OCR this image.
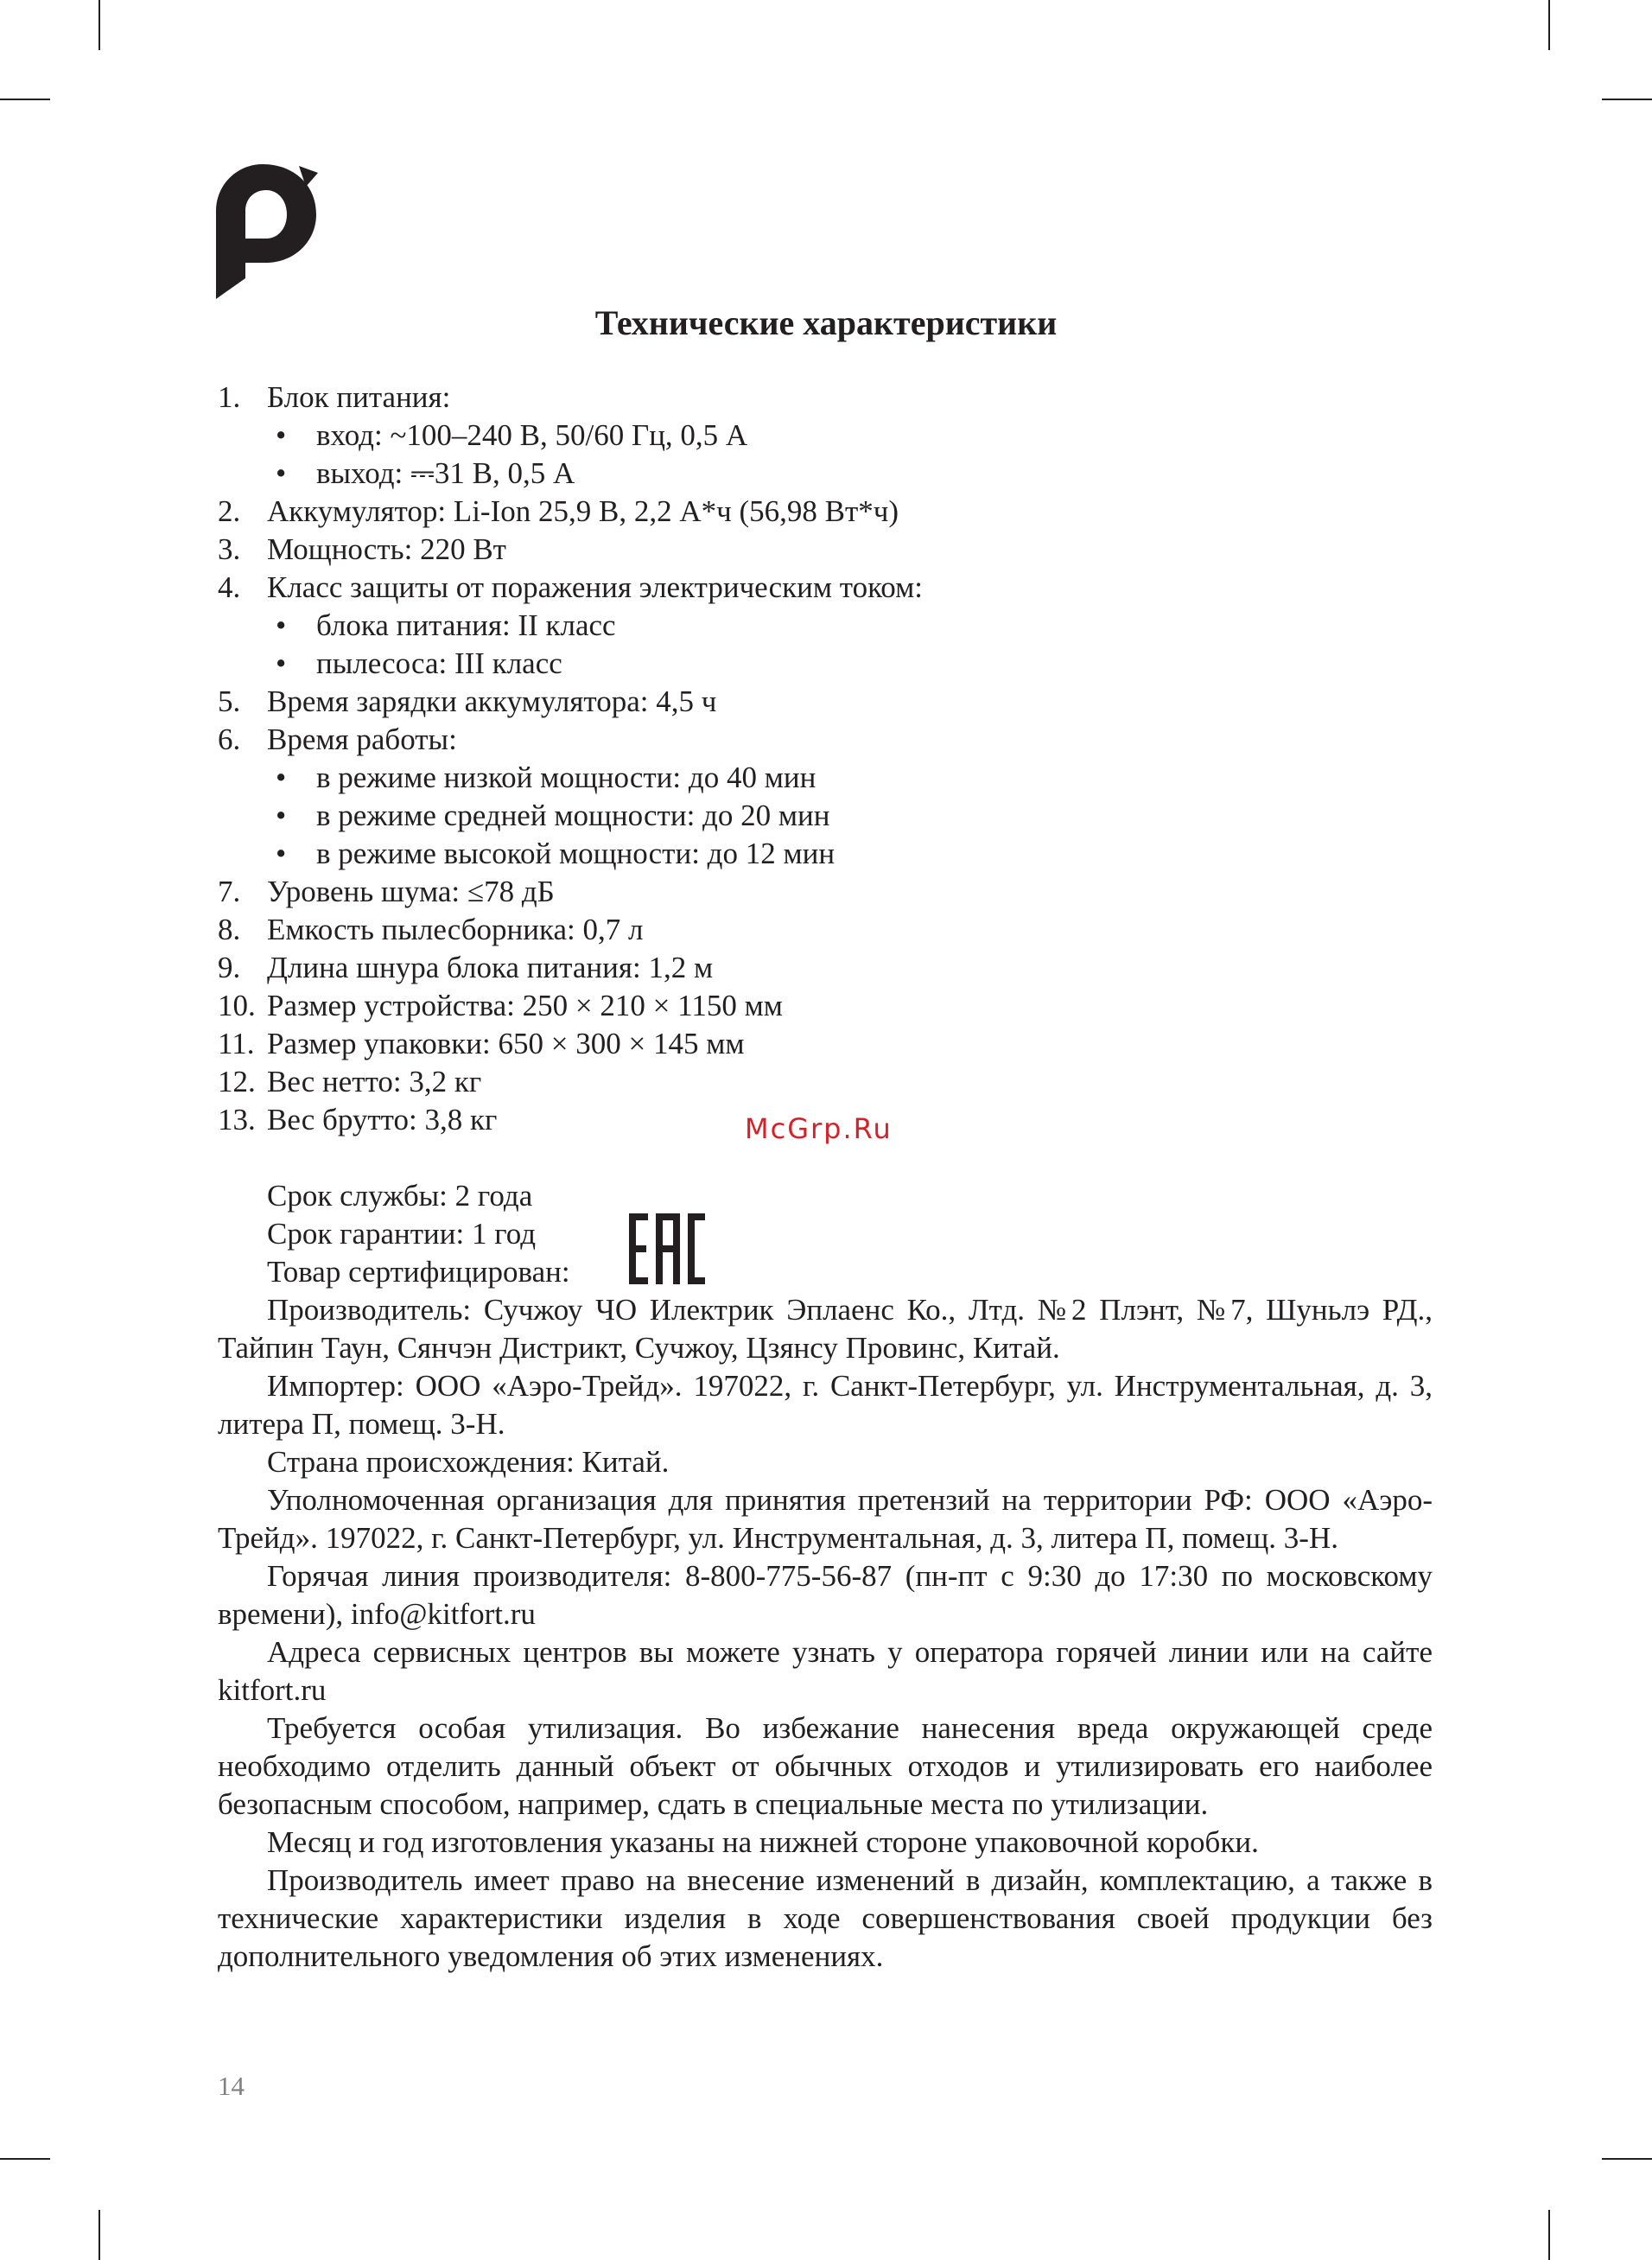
Технические характеристики
1. Блок питания:
• вход: ~100–240 В, 50/60 Гц, 0,5 А
• выход: ⎓31 В, 0,5 А
2. Аккумулятор: Li-Ion 25,9 В, 2,2 А*ч (56,98 Вт*ч)
3. Мощность: 220 Вт
4. Класс защиты от поражения электрическим током:
• блока питания: II класс
• пылесоса: III класс
5. Время зарядки аккумулятора: 4,5 ч
6. Время работы:
• в режиме низкой мощности: до 40 мин
• в режиме средней мощности: до 20 мин
• в режиме высокой мощности: до 12 мин
7. Уровень шума: ≤78 дБ
8. Емкость пылесборника: 0,7 л
9. Длина шнура блока питания: 1,2 м
10. Размер устройства: 250 × 210 × 1150 мм
11. Размер упаковки: 650 × 300 × 145 мм
12. Вес нетто: 3,2 кг
13. Вес брутто: 3,8 кг
Срок службы: 2 года
Срок гарантии: 1 год
Товар сертифицирован:
Производитель: Сучжоу ЧО Илектрик Эплаенс Ко., Лтд. №2 Плэнт, №7, Шуньлэ РД., Тайпин Таун, Сянчэн Дистрикт, Сучжоу, Цзянсу Провинс, Китай.
Импортер: ООО «Аэро-Трейд». 197022, г. Санкт-Петербург, ул. Инструментальная, д. 3, литера П, помещ. 3-Н.
Страна происхождения: Китай.
Уполномоченная организация для принятия претензий на территории РФ: ООО «Аэро-Трейд». 197022, г. Санкт-Петербург, ул. Инструментальная, д. 3, литера П, помещ. 3-Н.
Горячая линия производителя: 8-800-775-56-87 (пн-пт с 9:30 до 17:30 по московскому времени), info@kitfort.ru
Адреса сервисных центров вы можете узнать у оператора горячей линии или на сайте kitfort.ru
Требуется особая утилизация. Во избежание нанесения вреда окружающей среде необходимо отделить данный объект от обычных отходов и утилизировать его наиболее безопасным способом, например, сдать в специальные места по утилизации.
Месяц и год изготовления указаны на нижней стороне упаковочной коробки.
Производитель имеет право на внесение изменений в дизайн, комплектацию, а также в технические характеристики изделия в ходе совершенствования своей продукции без дополнительного уведомления об этих изменениях.
McGrp.Ru
14
